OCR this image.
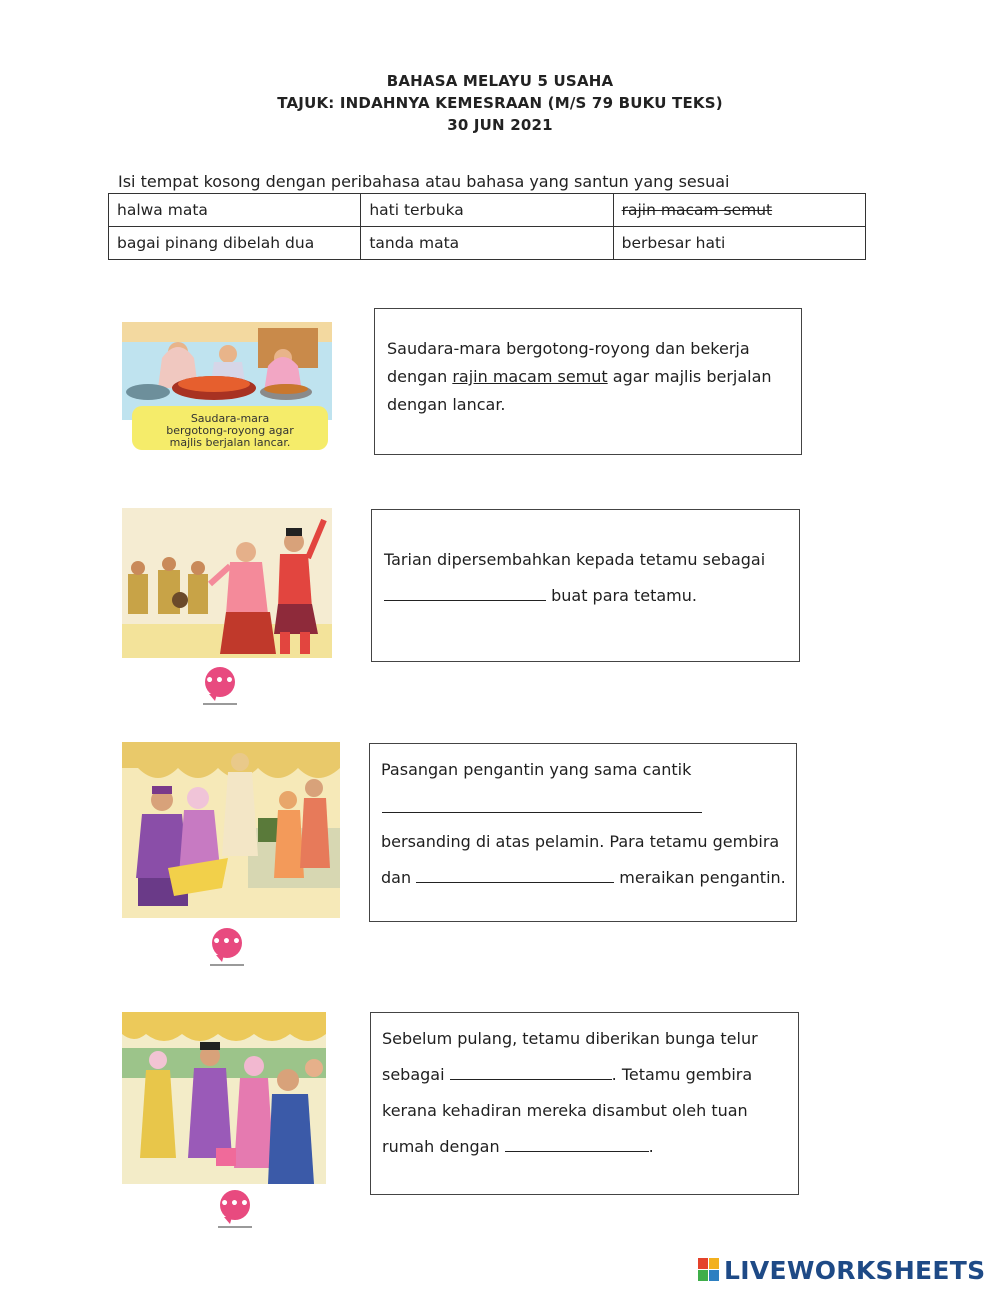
BAHASA MELAYU 5 USAHA
TAJUK: INDAHNYA KEMESRAAN (M/S 79 BUKU TEKS)
30 JUN 2021
Isi tempat kosong dengan peribahasa atau bahasa yang santun yang sesuai
halwa mata	hati terbuka	rajin macam semut
bagai pinang dibelah dua	tanda mata	berbesar hati
Saudara-mara
bergotong-royong agar
majlis berjalan lancar.
Saudara-mara bergotong-royong dan bekerja
dengan rajin macam semut agar majlis berjalan
dengan lancar.
•••
Tarian dipersembahkan kepada tetamu sebagai
buat para tetamu.
•••
Pasangan pengantin yang sama cantik
bersanding di atas pelamin. Para tetamu gembira
dan	meraikan pengantin.
•••
Sebelum pulang, tetamu diberikan bunga telur
sebagai	. Tetamu gembira
kerana kehadiran mereka disambut oleh tuan
rumah dengan	.
LIVEWORKSHEETS
